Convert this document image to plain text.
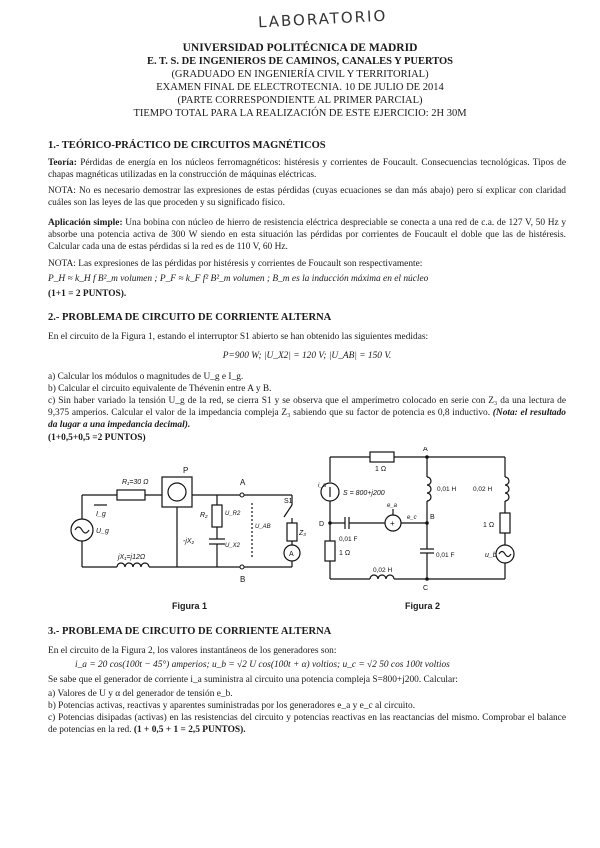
LABORATORIO
UNIVERSIDAD POLITÉCNICA DE MADRID
E. T. S. DE INGENIEROS DE CAMINOS, CANALES Y PUERTOS
(GRADUADO EN INGENIERÍA CIVIL Y TERRITORIAL)
EXAMEN FINAL DE ELECTROTECNIA. 10 DE JULIO DE 2014
(PARTE CORRESPONDIENTE AL PRIMER PARCIAL)
TIEMPO TOTAL PARA LA REALIZACIÓN DE ESTE EJERCICIO: 2H 30M
1.- TEÓRICO-PRÁCTICO DE CIRCUITOS MAGNÉTICOS
Teoría: Pérdidas de energía en los núcleos ferromagnéticos: histéresis y corrientes de Foucault. Consecuencias tecnológicas. Tipos de chapas magnéticas utilizadas en la construcción de máquinas eléctricas.
NOTA: No es necesario demostrar las expresiones de estas pérdidas (cuyas ecuaciones se dan más abajo) pero sí explicar con claridad cuáles son las leyes de las que proceden y su significado físico.
Aplicación simple: Una bobina con núcleo de hierro de resistencia eléctrica despreciable se conecta a una red de c.a. de 127 V, 50 Hz y absorbe una potencia activa de 300 W siendo en esta situación las pérdidas por corrientes de Foucault el doble que las de histéresis. Calcular cada una de estas pérdidas si la red es de 110 V, 60 Hz.
NOTA: Las expresiones de las pérdidas por histéresis y corrientes de Foucault son respectivamente:
P_H ≈ k_H f B²_m volumen ; P_F ≈ k_F f² B²_m volumen ; B_m es la inducción máxima en el núcleo
(1+1 = 2 PUNTOS).
2.- PROBLEMA DE CIRCUITO DE CORRIENTE ALTERNA
En el circuito de la Figura 1, estando el interruptor S1 abierto se han obtenido las siguientes medidas:
P=900 W; |U_X2| = 120 V; |U_AB| = 150 V.
a) Calcular los módulos o magnitudes de U_g e I_g.
b) Calcular el circuito equivalente de Thévenin entre A y B.
c) Sin haber variado la tensión U_g de la red, se cierra S1 y se observa que el amperímetro colocado en serie con Z₃ da una lectura de 9,375 amperios. Calcular el valor de la impedancia compleja Z₃ sabiendo que su factor de potencia es 0,8 inductivo. (Nota: el resultado da lugar a una impedancia decimal).
(1+0,5+0,5 =2 PUNTOS)
R₁=30 Ω
P
A
B
S1
I_g
U_g
R₂	U_R2
U_X2
-jX₂
U_AB
Z₃
A
jX₁=j12Ω
1 Ω
A
S = 800+j200
0,01 H	0,02 H
D
B
e_a
e_c
0,01 F
1 Ω	0,01 F
1 Ω
u_b
0,02 H
C
i_a
+
Figura 1	Figura 2
3.- PROBLEMA DE CIRCUITO DE CORRIENTE ALTERNA
En el circuito de la Figura 2, los valores instantáneos de los generadores son:
i_a = 20 cos(100t − 45°) amperios; u_b = √2 U cos(100t + α) voltios; u_c = √2 50 cos 100t voltios
Se sabe que el generador de corriente i_a suministra al circuito una potencia compleja S=800+j200. Calcular:
a) Valores de U y α del generador de tensión e_b.
b) Potencias activas, reactivas y aparentes suministradas por los generadores e_a y e_c al circuito.
c) Potencias disipadas (activas) en las resistencias del circuito y potencias reactivas en las reactancias del mismo. Comprobar el balance de potencias en la red. (1 + 0,5 + 1 = 2,5 PUNTOS).
